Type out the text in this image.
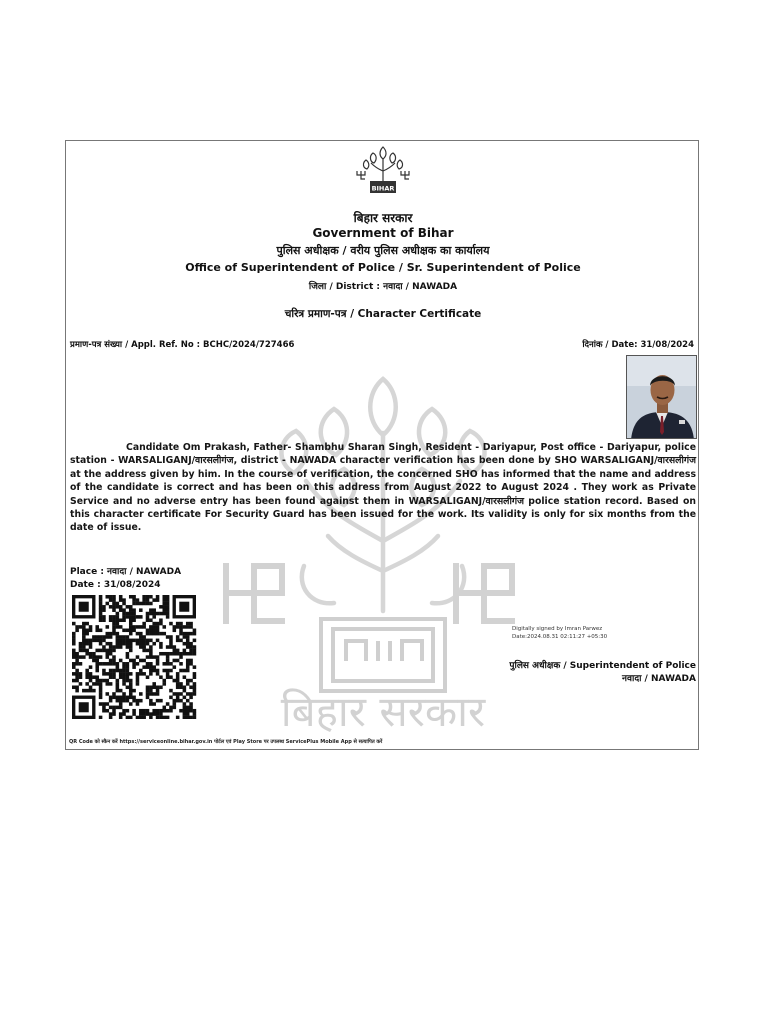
बिहार सरकार
BIHAR
बिहार सरकार
Government of Bihar
पुलिस अधीक्षक / वरीय पुलिस अधीक्षक का कार्यालय
Office of Superintendent of Police / Sr. Superintendent of Police
जिला / District : नवादा / NAWADA
चरित्र प्रमाण-पत्र / Character Certificate
प्रमाण-पत्र संख्या / Appl. Ref. No : BCHC/2024/727466	दिनांक / Date: 31/08/2024
Candidate Om Prakash, Father- Shambhu Sharan Singh, Resident - Dariyapur, Post office - Dariyapur, police station - WARSALIGANJ/वारसलीगंज, district - NAWADA character verification has been done by SHO WARSALIGANJ/वारसलीगंज at the address given by him. In the course of verification, the concerned SHO has informed that the name and address of the candidate is correct and has been on this address from August 2022 to August 2024 . They work as Private Service and no adverse entry has been found against them in WARSALIGANJ/वारसलीगंज police station record. Based on this character certificate For Security Guard has been issued for the work. Its validity is only for six months from the date of issue.
Place : नवादा / NAWADA
Date : 31/08/2024
Digitally signed by Imran Parwez
Date:2024.08.31 02:11:27 +05:30
पुलिस अधीक्षक / Superintendent of Police
नवादा / NAWADA
QR Code को स्कैन करें https://serviceonline.bihar.gov.in पोर्टल एवं Play Store पर उपलब्ध ServicePlus Mobile App से सत्यापित करें
